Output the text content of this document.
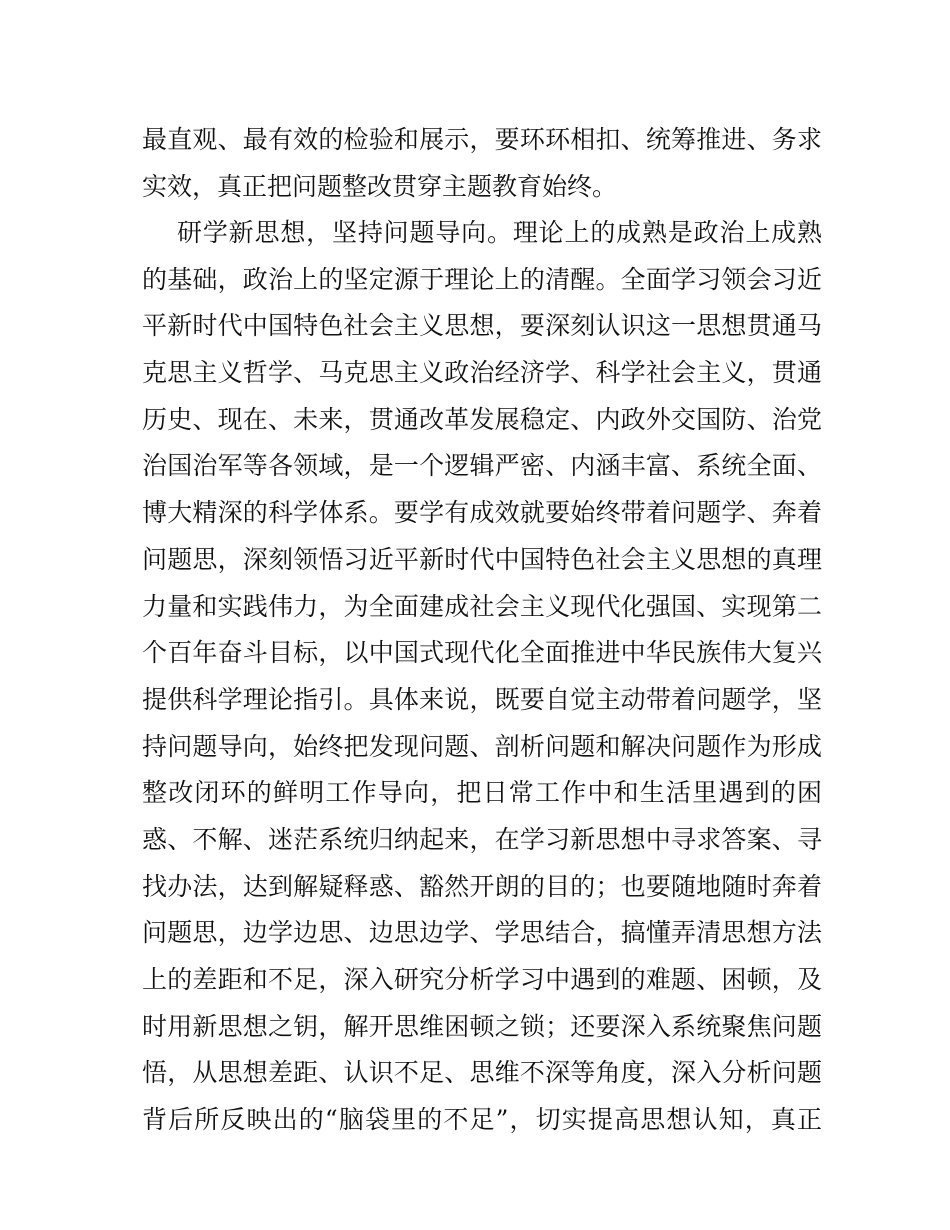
最直观、最有效的检验和展示，要环环相扣、统筹推进、务求
实效，真正把问题整改贯穿主题教育始终。
研学新思想，坚持问题导向。理论上的成熟是政治上成熟
的基础，政治上的坚定源于理论上的清醒。全面学习领会习近
平新时代中国特色社会主义思想，要深刻认识这一思想贯通马
克思主义哲学、马克思主义政治经济学、科学社会主义，贯通
历史、现在、未来，贯通改革发展稳定、内政外交国防、治党
治国治军等各领域，是一个逻辑严密、内涵丰富、系统全面、
博大精深的科学体系。要学有成效就要始终带着问题学、奔着
问题思，深刻领悟习近平新时代中国特色社会主义思想的真理
力量和实践伟力，为全面建成社会主义现代化强国、实现第二
个百年奋斗目标，以中国式现代化全面推进中华民族伟大复兴
提供科学理论指引。具体来说，既要自觉主动带着问题学，坚
持问题导向，始终把发现问题、剖析问题和解决问题作为形成
整改闭环的鲜明工作导向，把日常工作中和生活里遇到的困
惑、不解、迷茫系统归纳起来，在学习新思想中寻求答案、寻
找办法，达到解疑释惑、豁然开朗的目的；也要随地随时奔着
问题思，边学边思、边思边学、学思结合，搞懂弄清思想方法
上的差距和不足，深入研究分析学习中遇到的难题、困顿，及
时用新思想之钥，解开思维困顿之锁；还要深入系统聚焦问题
悟，从思想差距、认识不足、思维不深等角度，深入分析问题
背后所反映出的“脑袋里的不足”，切实提高思想认知，真正
